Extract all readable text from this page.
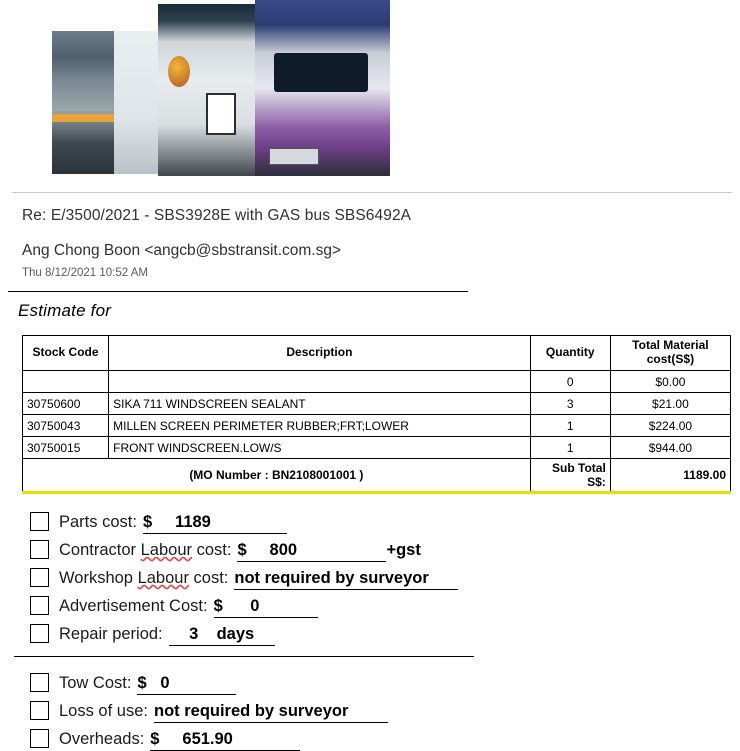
Re: E/3500/2021 - SBS3928E with GAS bus SBS6492A
Ang Chong Boon <angcb@sbstransit.com.sg>
Thu 8/12/2021 10:52 AM
Estimate for
Stock Code	Description	Quantity	Total Material cost(S$)
		0	$0.00
30750600	SIKA 711 WINDSCREEN SEALANT	3	$21.00
30750043	MILLEN SCREEN PERIMETER RUBBER;FRT;LOWER	1	$224.00
30750015	FRONT WINDSCREEN.LOW/S	1	$944.00
(MO Number : BN2108001001 )		Sub Total S$:	1189.00
Parts cost: $     1189
Contractor Labour cost: $     800	+gst
Workshop Labour cost: not required by surveyor
Advertisement Cost: $      0
Repair period:	3    days
Tow Cost: $   0
Loss of use: not required by surveyor
Overheads: $     651.90
